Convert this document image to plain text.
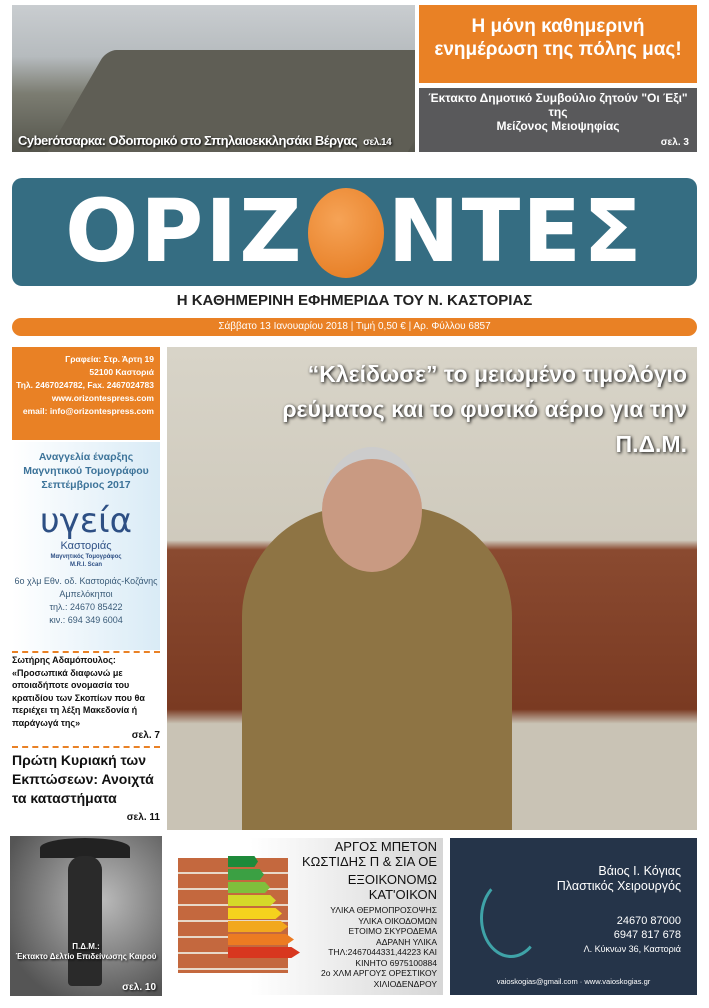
Cyberότσαρκα: Οδοιπορικό στο Σπηλαιοεκκλησάκι Βέργας σελ.14
Η μόνη καθημερινή
ενημέρωση της πόλης μας!
Έκτακτο Δημοτικό Συμβούλιο ζητούν "Οι Έξι" της
Μείζονος Μειοψηφίας
σελ. 3
ΟΡΙΖ ΝΤΕΣ
Η ΚΑΘΗΜΕΡΙΝΗ ΕΦΗΜΕΡΙΔΑ ΤΟΥ Ν. ΚΑΣΤΟΡΙΑΣ
Σάββατο 13 Ιανουαρίου 2018 | Τιμή 0,50 € | Αρ. Φύλλου 6857
Γραφεία: Στρ. Άρτη 19
52100 Καστοριά
Τηλ. 2467024782, Fax. 2467024783
www.orizontespress.com
email: info@orizontespress.com
Αναγγελία έναρξης
Μαγνητικού Τομογράφου
Σεπτέμβριος 2017
υγεία
Καστοριάς
Μαγνητικός Τομογράφος
M.R.I. Scan
6ο χλμ Εθν. οδ. Καστοριάς-Κοζάνης
Αμπελόκηποι
τηλ.: 24670 85422
κιν.: 694 349 6004
Σωτήρης Αδαμόπουλος: «Προσωπικά διαφωνώ με οποιαδήποτε ονομασία του κρατιδίου των Σκοπίων που θα περιέχει τη λέξη Μακεδονία ή παράγωγά της»
σελ. 7
Πρώτη Κυριακή των Εκπτώσεων: Ανοιχτά τα καταστήματα
σελ. 11
Π.Δ.Μ.:
Έκτακτο Δελτίο Επιδείνωσης Καιρού
σελ. 10
“Κλείδωσε” το μειωμένο τιμολόγιο
ρεύματος και το φυσικό αέριο για την
Π.Δ.Μ.
ΑΡΓΟΣ ΜΠΕΤΟΝ
ΚΩΣΤΙΔΗΣ Π & ΣΙΑ ΟΕ
ΕΞΟΙΚΟΝΟΜΩ
ΚΑΤ'ΟΙΚΟΝ
ΥΛΙΚΑ ΘΕΡΜΟΠΡΟΣΟΨΗΣ
ΥΛΙΚΑ ΟΙΚΟΔΟΜΩΝ
ΕΤΟΙΜΟ ΣΚΥΡΟΔΕΜΑ
ΑΔΡΑΝΗ ΥΛΙΚΑ
ΤΗΛ:2467044331,44223 ΚΑΙ
ΚΙΝΗΤΟ 6975100884
2ο ΧΛΜ ΑΡΓΟΥΣ ΟΡΕΣΤΙΚΟΥ
ΧΙΛΙΟΔΕΝΔΡΟΥ
Βάιος Ι. Κόγιας
Πλαστικός Χειρουργός
24670 87000
6947 817 678
Λ. Κύκνων 36, Καστοριά
vaioskogias@gmail.com · www.vaioskogias.gr
